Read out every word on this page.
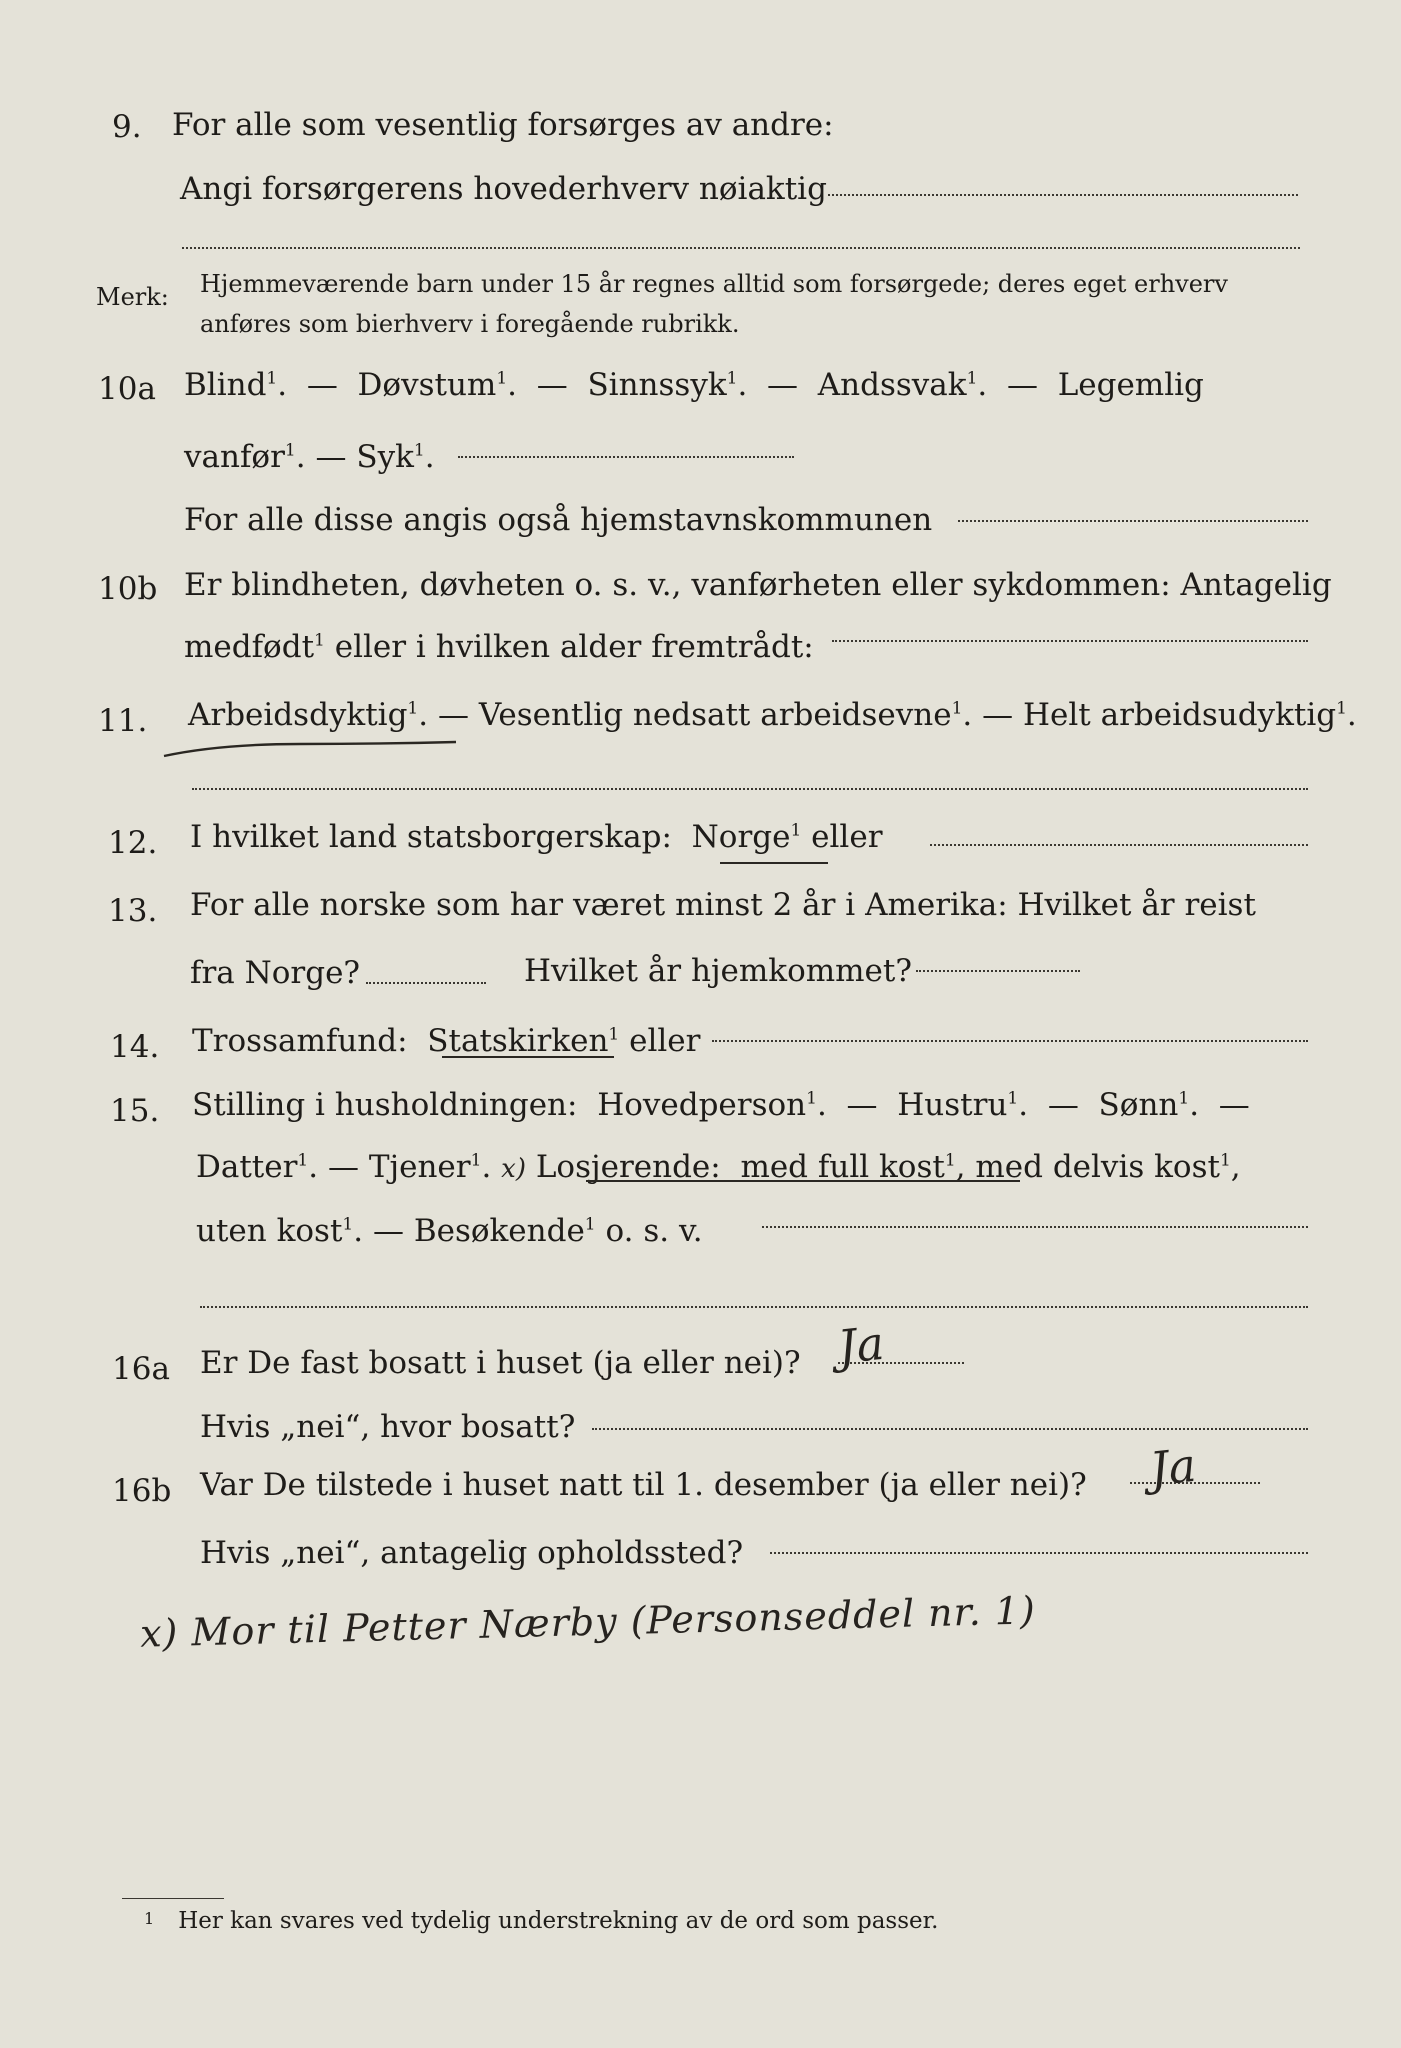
9. For alle som vesentlig forsørges av andre:
Angi forsørgerens hovederhverv nøiaktig
Merk: Hjemmeværende barn under 15 år regnes alltid som forsørgede; deres eget erhverv
anføres som bierhverv i foregående rubrikk.
10a Blind$^1$.  —  Døvstum$^1$.  —  Sinnssyk$^1$.  —  Andssvak$^1$.  —  Legemlig
vanfør$^1$. — Syk$^1$.
For alle disse angis også hjemstavnskommunen
10b Er blindheten, døvheten o. s. v., vanførheten eller sykdommen: Antagelig
medfødt$^1$ eller i hvilken alder fremtrådt:
11. Arbeidsdyktig$^1$. — Vesentlig nedsatt arbeidsevne$^1$. — Helt arbeidsudyktig$^1$.
12. I hvilket land statsborgerskap: Norge$^1$ eller
13. For alle norske som har været minst 2 år i Amerika: Hvilket år reist
fra Norge?	Hvilket år hjemkommet?
14. Trossamfund: Statskirken$^1$ eller
15. Stilling i husholdningen: Hovedperson$^1$.  —  Hustru$^1$.  —  Sønn$^1$.  —
Datter$^1$. — Tjener$^1$. x) Losjerende: med full kost$^1$, med delvis kost$^1$,
uten kost$^1$. — Besøkende$^1$ o. s. v.
16a Er De fast bosatt i huset (ja eller nei)? Ja
Hvis „nei“, hvor bosatt?
16b Var De tilstede i huset natt til 1. desember (ja eller nei)? Ja
Hvis „nei“, antagelig opholdssted?
x) Mor til Petter Nærby (Personseddel nr. 1)
1 Her kan svares ved tydelig understrekning av de ord som passer.
